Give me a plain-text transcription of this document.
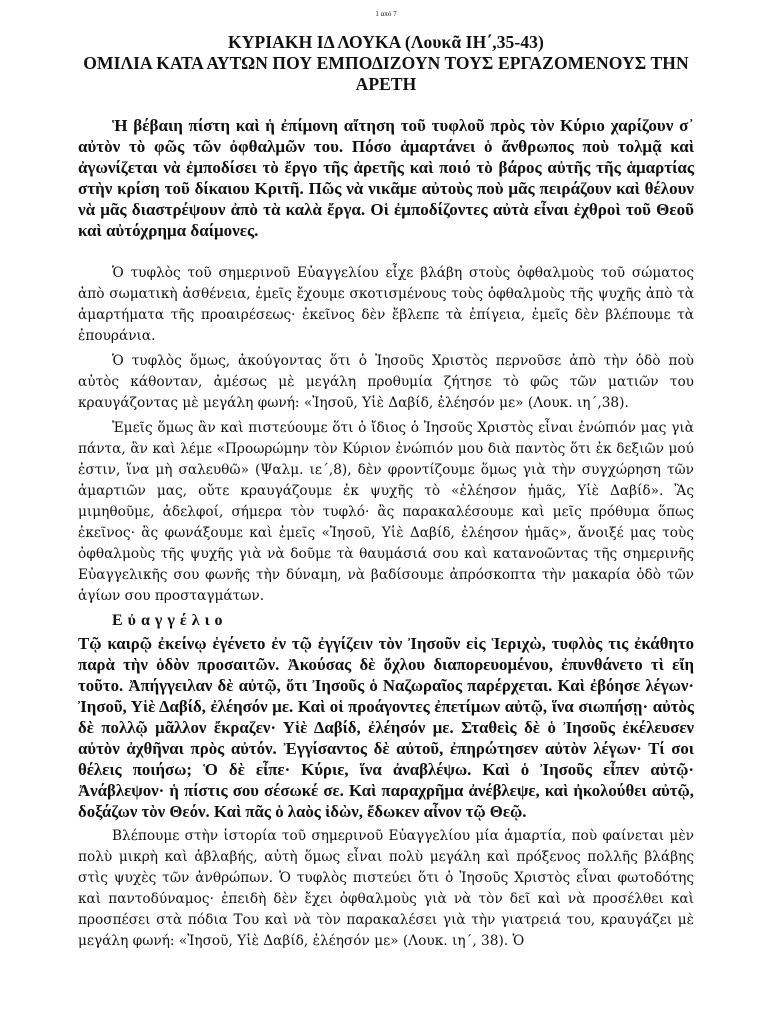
1 από 7
ΚΥΡΙΑΚΗ ΙΔ ΛΟΥΚΑ (Λουκᾶ ΙΗ΄,35-43)
ΟΜΙΛΙΑ ΚΑΤΑ ΑΥΤΩΝ ΠΟΥ ΕΜΠΟΔΙΖΟΥΝ ΤΟΥΣ ΕΡΓΑΖΟΜΕΝΟΥΣ ΤΗΝ
ΑΡΕΤΗ

Ἡ βέβαιη πίστη καὶ ἡ ἐπίμονη αἴτηση τοῦ τυφλοῦ πρὸς τὸν Κύριο χαρίζουν σ᾽ αὐτὸν τὸ φῶς τῶν ὀφθαλμῶν του. Πόσο ἁμαρτάνει ὁ ἄνθρωπος ποὺ τολμᾷ καὶ ἀγωνίζεται νὰ ἐμποδίσει τὸ ἔργο τῆς ἀρετῆς καὶ ποιό τὸ βάρος αὐτῆς τῆς ἁμαρτίας στὴν κρίση τοῦ δίκαιου Κριτῆ. Πῶς νὰ νικᾶμε αὐτοὺς ποὺ μᾶς πειράζουν καὶ θέλουν νὰ μᾶς διαστρέψουν ἀπὸ τὰ καλὰ ἔργα. Οἱ ἐμποδίζοντες αὐτὰ εἶναι ἐχθροὶ τοῦ Θεοῦ καὶ αὐτόχρημα δαίμονες.

Ὁ τυφλὸς τοῦ σημερινοῦ Εὐαγγελίου εἶχε βλάβη στοὺς ὀφθαλμοὺς τοῦ σώματος ἀπὸ σωματικὴ ἀσθένεια, ἐμεῖς ἔχουμε σκοτισμένους τοὺς ὀφθαλμοὺς τῆς ψυχῆς ἀπὸ τὰ ἁμαρτήματα τῆς προαιρέσεως· ἐκεῖνος δὲν ἔβλεπε τὰ ἐπίγεια, ἐμεῖς δὲν βλέπουμε τὰ ἐπουράνια.

Ὁ τυφλὸς ὅμως, ἀκούγοντας ὅτι ὁ Ἰησοῦς Χριστὸς περνοῦσε ἀπὸ τὴν ὁδὸ ποὺ αὐτὸς κάθονταν, ἀμέσως μὲ μεγάλη προθυμία ζήτησε τὸ φῶς τῶν ματιῶν του κραυγάζοντας μὲ μεγάλη φωνή: «Ἰησοῦ, Υἱὲ Δαβίδ, ἐλέησόν με» (Λουκ. ιη΄,38).

Ἐμεῖς ὅμως ἂν καὶ πιστεύουμε ὅτι ὁ ἴδιος ὁ Ἰησοῦς Χριστὸς εἶναι ἐνώπιόν μας γιὰ πάντα, ἂν καὶ λέμε «Προωρώμην τὸν Κύριον ἐνώπιόν μου διὰ παντὸς ὅτι ἐκ δεξιῶν μού ἐστιν, ἵνα μὴ σαλευθῶ» (Ψαλμ. ιε΄,8), δὲν φροντίζουμε ὅμως γιὰ τὴν συγχώρηση τῶν ἁμαρτιῶν μας, οὔτε κραυγάζουμε ἐκ ψυχῆς τὸ «ἐλέησον ἡμᾶς, Υἱὲ Δαβίδ». Ἂς μιμηθοῦμε, ἀδελφοί, σήμερα τὸν τυφλό· ἂς παρακαλέσουμε καὶ μεῖς πρόθυμα ὅπως ἐκεῖνος· ἂς φωνάξουμε καὶ ἐμεῖς «Ἰησοῦ, Υἱὲ Δαβίδ, ἐλέησον ἡμᾶς», ἄνοιξέ μας τοὺς ὀφθαλμοὺς τῆς ψυχῆς γιὰ νὰ δοῦμε τὰ θαυμάσιά σου καὶ κατανοῶντας τῆς σημερινῆς Εὐαγγελικῆς σου φωνῆς τὴν δύναμη, νὰ βαδίσουμε ἀπρόσκοπτα τὴν μακαρία ὁδὸ τῶν ἁγίων σου προσταγμάτων.

Εὐαγγέλιο

Τῷ καιρῷ ἐκείνῳ ἐγένετο ἐν τῷ ἐγγίζειν τὸν Ἰησοῦν εἰς Ἱεριχὼ, τυφλὸς τις ἐκάθητο παρὰ τὴν ὁδὸν προσαιτῶν. Ἀκούσας δὲ ὄχλου διαπορευομένου, ἐπυνθάνετο τὶ εἴη τοῦτο. Ἀπήγγειλαν δὲ αὐτῷ, ὅτι Ἰησοῦς ὁ Ναζωραῖος παρέρχεται. Καὶ ἐβόησε λέγων· Ἰησοῦ, Υἱὲ Δαβίδ, ἐλέησόν με. Καὶ οἱ προάγοντες ἐπετίμων αὐτῷ, ἵνα σιωπήσῃ· αὐτὸς δὲ πολλῷ μᾶλλον ἔκραζεν· Υἱὲ Δαβίδ, ἐλέησόν με. Σταθεὶς δὲ ὁ Ἰησοῦς ἐκέλευσεν αὐτὸν ἀχθῆναι πρὸς αὐτόν. Ἐγγίσαντος δὲ αὐτοῦ, ἐπηρώτησεν αὐτὸν λέγων· Τί σοι θέλεις ποιήσω; Ὁ δὲ εἶπε· Κύριε, ἵνα ἀναβλέψω. Καὶ ὁ Ἰησοῦς εἶπεν αὐτῷ· Ἀνάβλεψον· ἡ πίστις σου σέσωκέ σε. Καὶ παραχρῆμα ἀνέβλεψε, καὶ ἠκολούθει αὐτῷ, δοξάζων τὸν Θεόν. Καὶ πᾶς ὁ λαὸς ἰδὼν, ἔδωκεν αἶνον τῷ Θεῷ.

Βλέπουμε στὴν ἱστορία τοῦ σημερινοῦ Εὐαγγελίου μία ἁμαρτία, ποὺ φαίνεται μὲν πολὺ μικρὴ καὶ ἀβλαβής, αὐτὴ ὅμως εἶναι πολὺ μεγάλη καὶ πρόξενος πολλῆς βλάβης στὶς ψυχὲς τῶν ἀνθρώπων. Ὁ τυφλὸς πιστεύει ὅτι ὁ Ἰησοῦς Χριστὸς εἶναι φωτοδότης καὶ παντοδύναμος· ἐπειδὴ δὲν ἔχει ὀφθαλμοὺς γιὰ νὰ τὸν δεῖ καὶ νὰ προσέλθει καὶ προσπέσει στὰ πόδια Του καὶ νὰ τὸν παρακαλέσει γιὰ τὴν γιατρειά του, κραυγάζει μὲ μεγάλη φωνή: «Ἰησοῦ, Υἱὲ Δαβίδ, ἐλέησόν με» (Λουκ. ιη΄, 38). Ὁ
